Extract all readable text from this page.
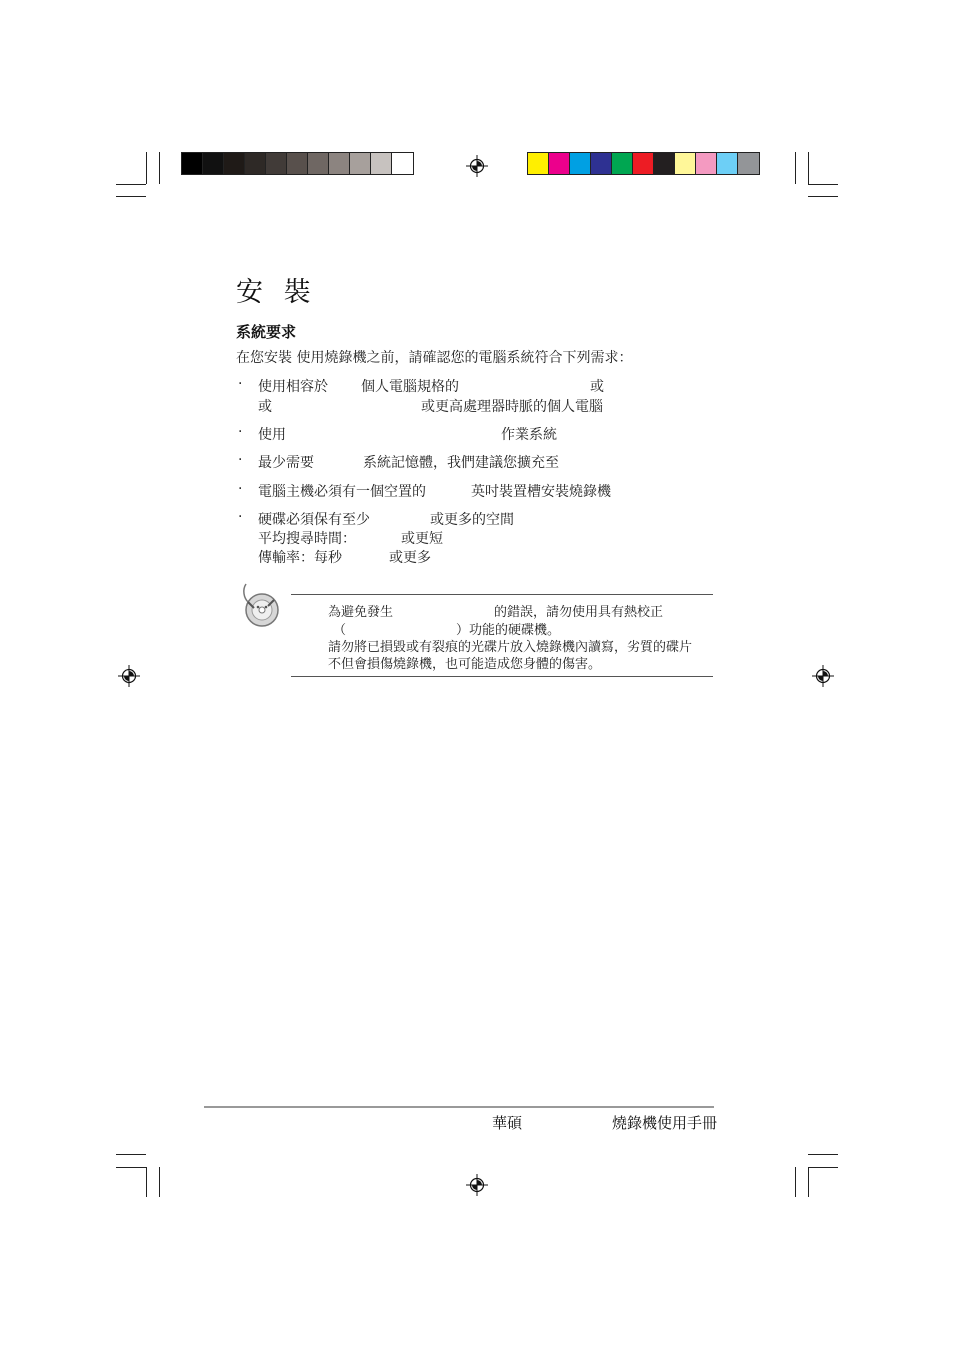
安 裝
系統要求
在您安裝 使用燒錄機之前，請確認您的電腦系統符合下列需求：
· 使用相容於 個人電腦規格的	或
或	或更高處理器時脈的個人電腦
· 使用	作業系統
· 最少需要	系統記憶體，我們建議您擴充至
· 電腦主機必須有一個空置的	英吋裝置槽安裝燒錄機
· 硬碟必須保有至少	或更多的空間
平均搜尋時間：	或更短
傳輸率：每秒	或更多
為避免發生	的錯誤，請勿使用具有熱校正
（	）功能的硬碟機。
請勿將已損毀或有裂痕的光碟片放入燒錄機內讀寫，劣質的碟片
不但會損傷燒錄機，也可能造成您身體的傷害。
華碩	燒錄機使用手冊
